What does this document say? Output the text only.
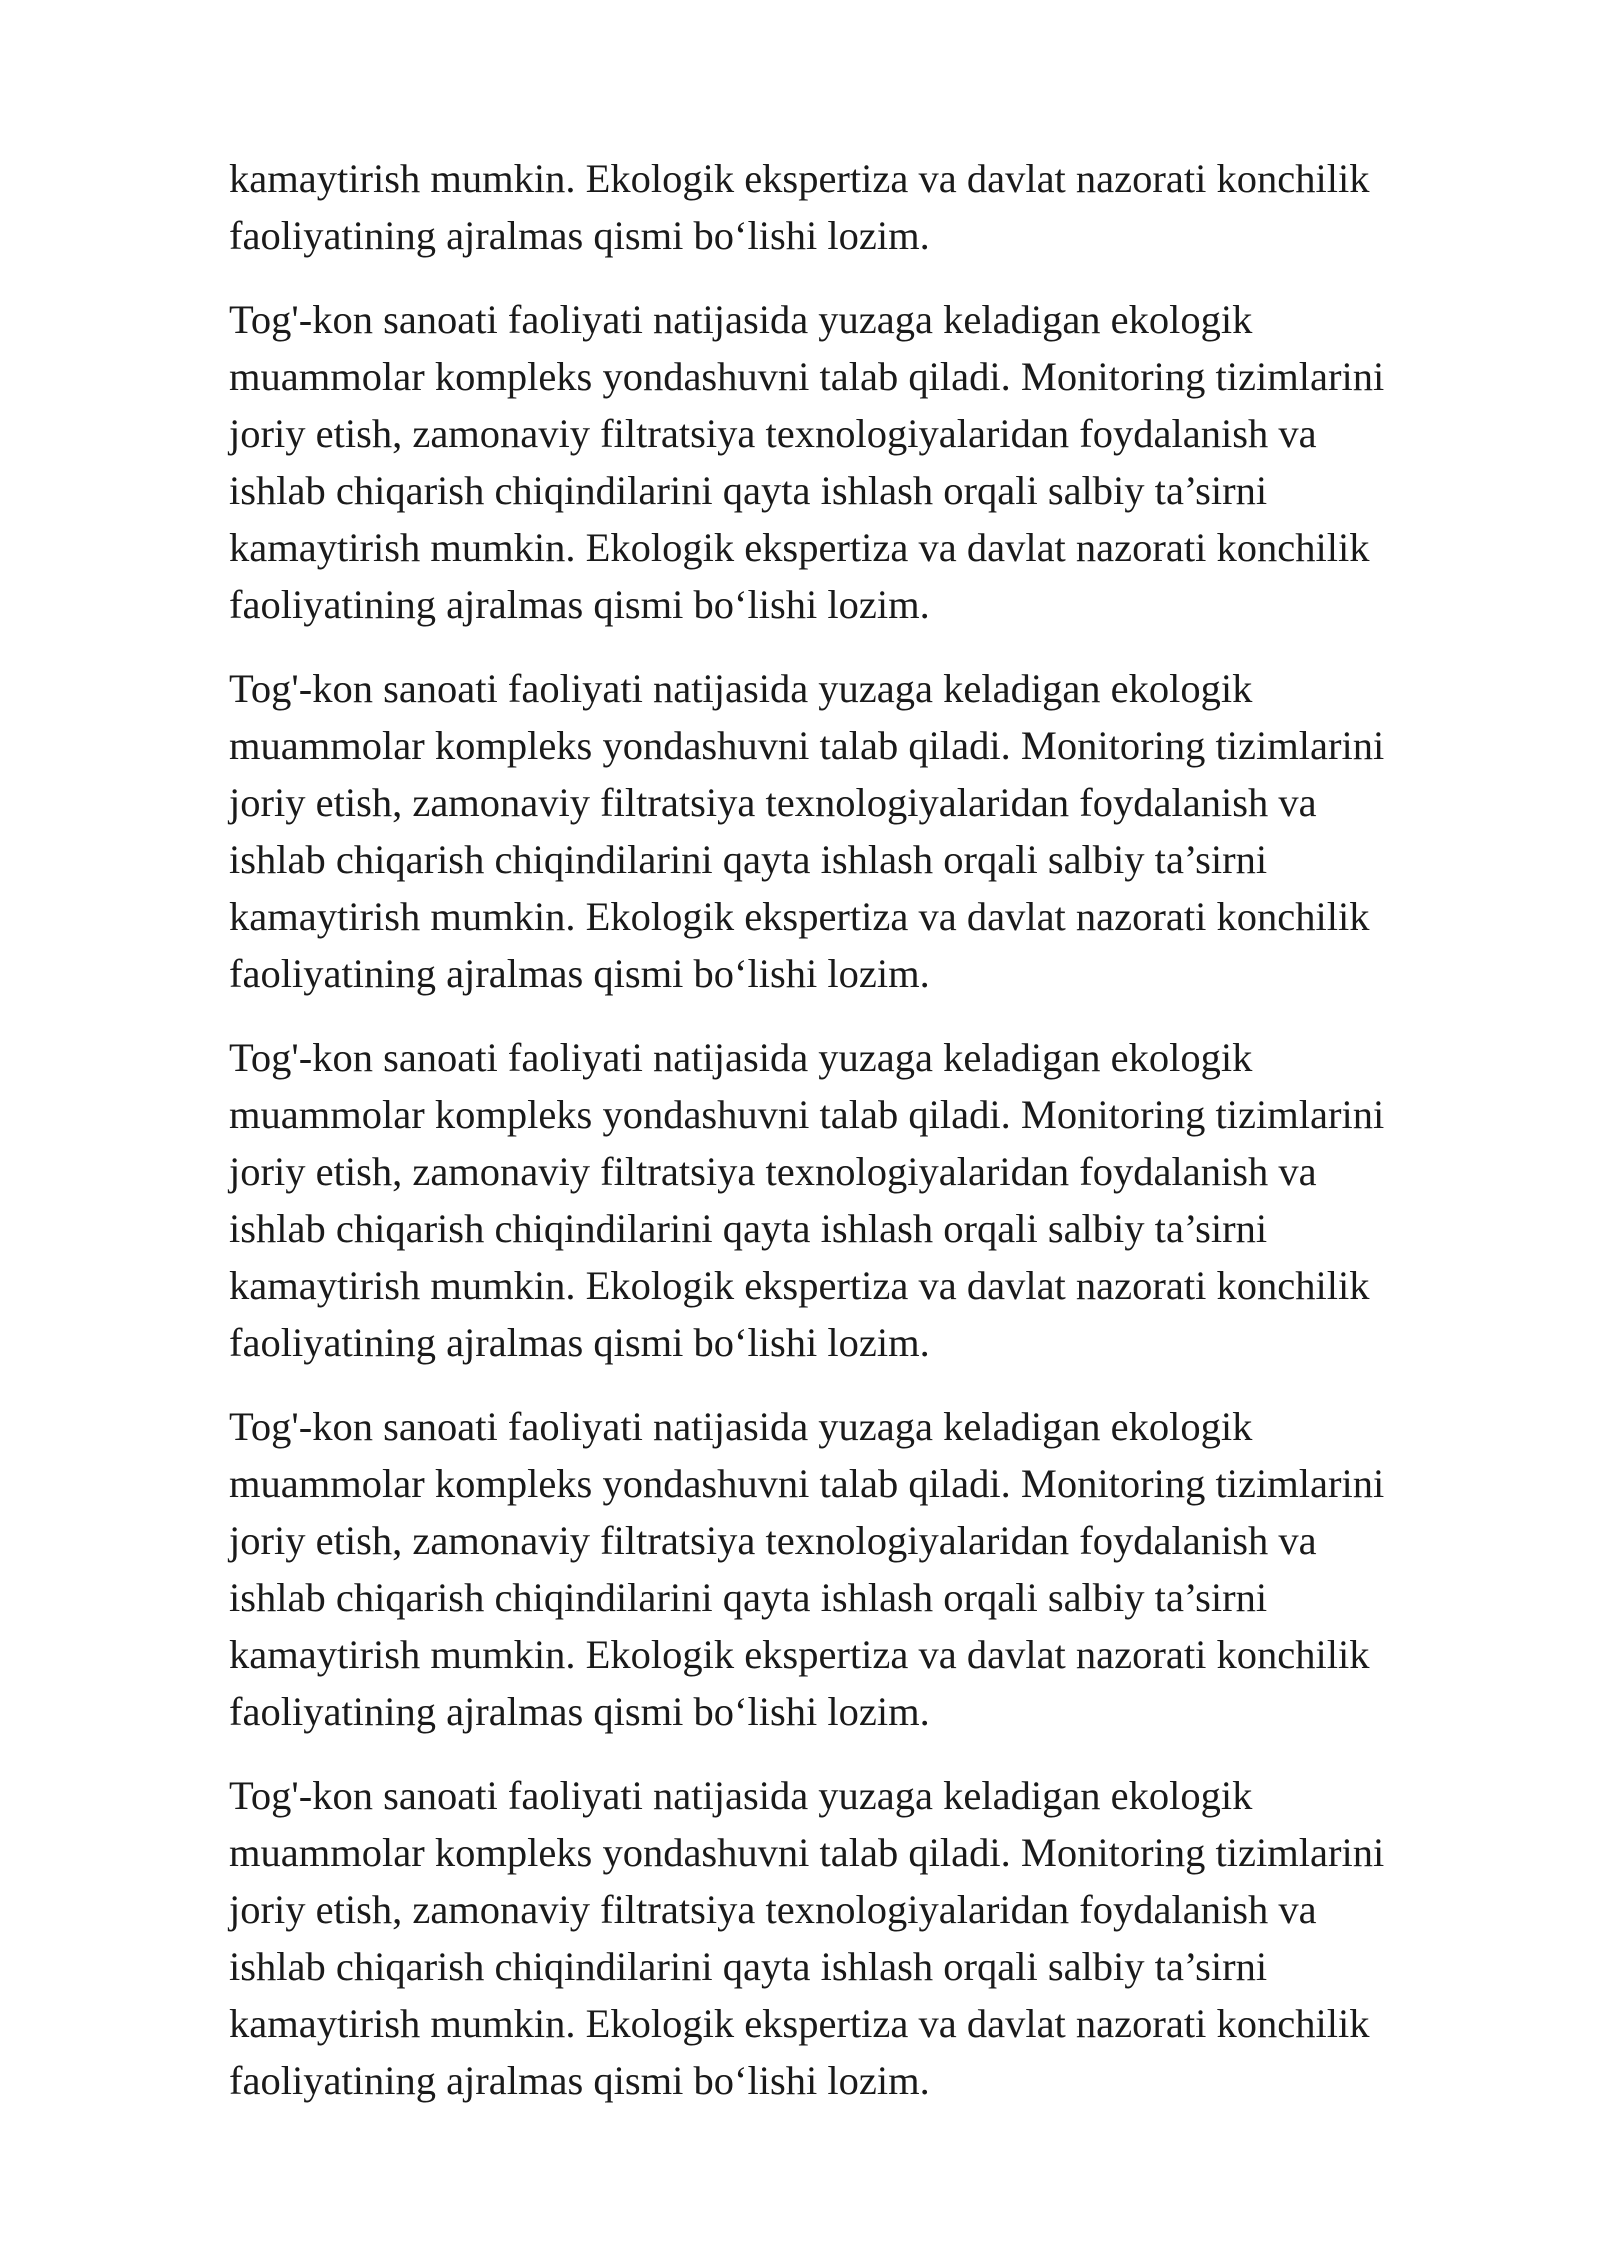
kamaytirish mumkin. Ekologik ekspertiza va davlat nazorati konchilik
faoliyatining ajralmas qismi bo‘lishi lozim.

Tog'-kon sanoati faoliyati natijasida yuzaga keladigan ekologik
muammolar kompleks yondashuvni talab qiladi. Monitoring tizimlarini
joriy etish, zamonaviy filtratsiya texnologiyalaridan foydalanish va
ishlab chiqarish chiqindilarini qayta ishlash orqali salbiy ta’sirni
kamaytirish mumkin. Ekologik ekspertiza va davlat nazorati konchilik
faoliyatining ajralmas qismi bo‘lishi lozim.

Tog'-kon sanoati faoliyati natijasida yuzaga keladigan ekologik
muammolar kompleks yondashuvni talab qiladi. Monitoring tizimlarini
joriy etish, zamonaviy filtratsiya texnologiyalaridan foydalanish va
ishlab chiqarish chiqindilarini qayta ishlash orqali salbiy ta’sirni
kamaytirish mumkin. Ekologik ekspertiza va davlat nazorati konchilik
faoliyatining ajralmas qismi bo‘lishi lozim.

Tog'-kon sanoati faoliyati natijasida yuzaga keladigan ekologik
muammolar kompleks yondashuvni talab qiladi. Monitoring tizimlarini
joriy etish, zamonaviy filtratsiya texnologiyalaridan foydalanish va
ishlab chiqarish chiqindilarini qayta ishlash orqali salbiy ta’sirni
kamaytirish mumkin. Ekologik ekspertiza va davlat nazorati konchilik
faoliyatining ajralmas qismi bo‘lishi lozim.

Tog'-kon sanoati faoliyati natijasida yuzaga keladigan ekologik
muammolar kompleks yondashuvni talab qiladi. Monitoring tizimlarini
joriy etish, zamonaviy filtratsiya texnologiyalaridan foydalanish va
ishlab chiqarish chiqindilarini qayta ishlash orqali salbiy ta’sirni
kamaytirish mumkin. Ekologik ekspertiza va davlat nazorati konchilik
faoliyatining ajralmas qismi bo‘lishi lozim.

Tog'-kon sanoati faoliyati natijasida yuzaga keladigan ekologik
muammolar kompleks yondashuvni talab qiladi. Monitoring tizimlarini
joriy etish, zamonaviy filtratsiya texnologiyalaridan foydalanish va
ishlab chiqarish chiqindilarini qayta ishlash orqali salbiy ta’sirni
kamaytirish mumkin. Ekologik ekspertiza va davlat nazorati konchilik
faoliyatining ajralmas qismi bo‘lishi lozim.
